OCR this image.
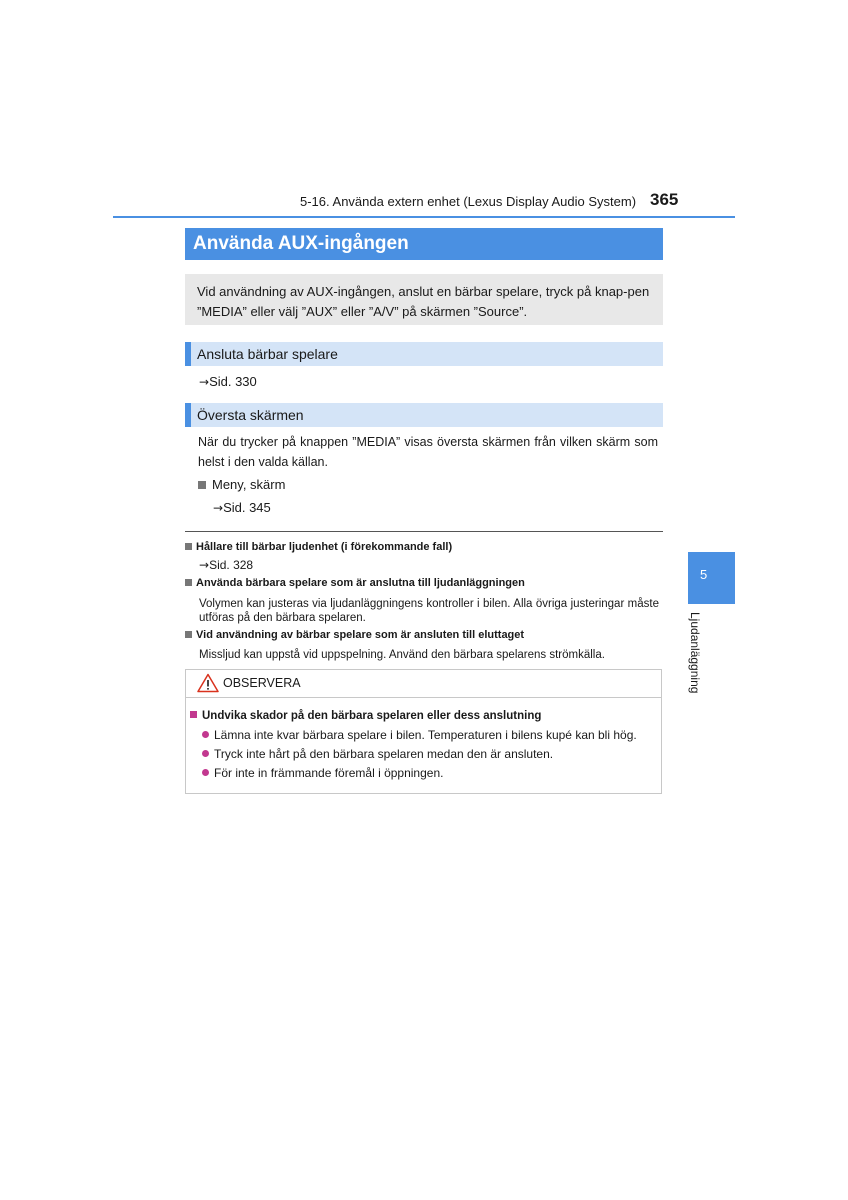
5-16. Använda extern enhet (Lexus Display Audio System) 365
Använda AUX-ingången

Vid användning av AUX-ingången, anslut en bärbar spelare, tryck på knap-pen ”MEDIA” eller välj ”AUX” eller ”A/V” på skärmen ”Source”.

Ansluta bärbar spelare
→Sid. 330
Översta skärmen

När du trycker på knappen ”MEDIA” visas översta skärmen från vilken skärm som helst i den valda källan.

Meny, skärm
→Sid. 345
Hållare till bärbar ljudenhet (i förekommande fall)
→Sid. 328
Använda bärbara spelare som är anslutna till ljudanläggningen

Volymen kan justeras via ljudanläggningens kontroller i bilen. Alla övriga justeringar måste utföras på den bärbara spelaren.

Vid användning av bärbar spelare som är ansluten till eluttaget

Missljud kan uppstå vid uppspelning. Använd den bärbara spelarens strömkälla.

OBSERVERA
Undvika skador på den bärbara spelaren eller dess anslutning
Lämna inte kvar bärbara spelare i bilen. Temperaturen i bilens kupé kan bli hög.
Tryck inte hårt på den bärbara spelaren medan den är ansluten.
För inte in främmande föremål i öppningen.
5
Ljudanläggning
